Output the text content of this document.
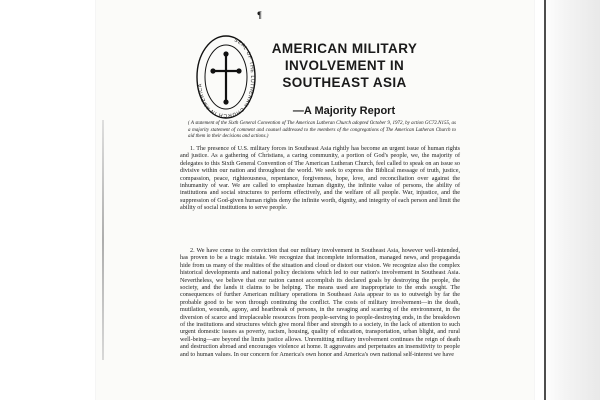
¶
SEAL OF THE LUTHERAN CHURCH IN AMERICA
AMERICAN MILITARY
INVOLVEMENT IN
SOUTHEAST ASIA
—A Majority Report
( A statement of the Sixth General Convention of The American Lutheran Church adopted October 9, 1972, by action GC72.N155, as a majority statement of comment and counsel addressed to the members of the congregations of The American Lutheran Church to aid them in their decisions and actions.)

1. The presence of U.S. military forces in Southeast Asia rightly has become an urgent issue of human rights and justice. As a gathering of Christians, a caring community, a portion of God's people, we, the majority of delegates to this Sixth General Convention of The American Lutheran Church, feel called to speak on an issue so divisive within our nation and throughout the world. We seek to express the Biblical message of truth, justice, compassion, peace, righteousness, repentance, forgiveness, hope, love, and reconciliation over against the inhumanity of war. We are called to emphasize human dignity, the infinite value of persons, the ability of institutions and social structures to perform effectively, and the welfare of all people. War, injustice, and the suppression of God-given human rights deny the infinite worth, dignity, and integrity of each person and limit the ability of social institutions to serve people.

2. We have come to the conviction that our military involvement in Southeast Asia, however well-intended, has proven to be a tragic mistake. We recognize that incomplete information, managed news, and propaganda hide from us many of the realities of the situation and cloud or distort our vision. We recognize also the complex historical developments and national policy decisions which led to our nation's involvement in Southeast Asia. Nevertheless, we believe that our nation cannot accomplish its declared goals by destroying the people, the society, and the lands it claims to be helping. The means used are inappropriate to the ends sought. The consequences of further American military operations in Southeast Asia appear to us to outweigh by far the probable good to be won through continuing the conflict. The costs of military involvement—in the death, mutilation, wounds, agony, and heartbreak of persons, in the ravaging and scarring of the environment, in the diversion of scarce and irreplaceable resources from people-serving to people-destroying ends, in the breakdown of the institutions and structures which give moral fiber and strength to a society, in the lack of attention to such urgent domestic issues as poverty, racism, housing, quality of education, transportation, urban blight, and rural well-being—are beyond the limits justice allows. Unremitting military involvement continues the reign of death and destruction abroad and encourages violence at home. It aggravates and perpetuates an insensitivity to people and to human values. In our concern for America's own honor and America's own national self-interest we have
